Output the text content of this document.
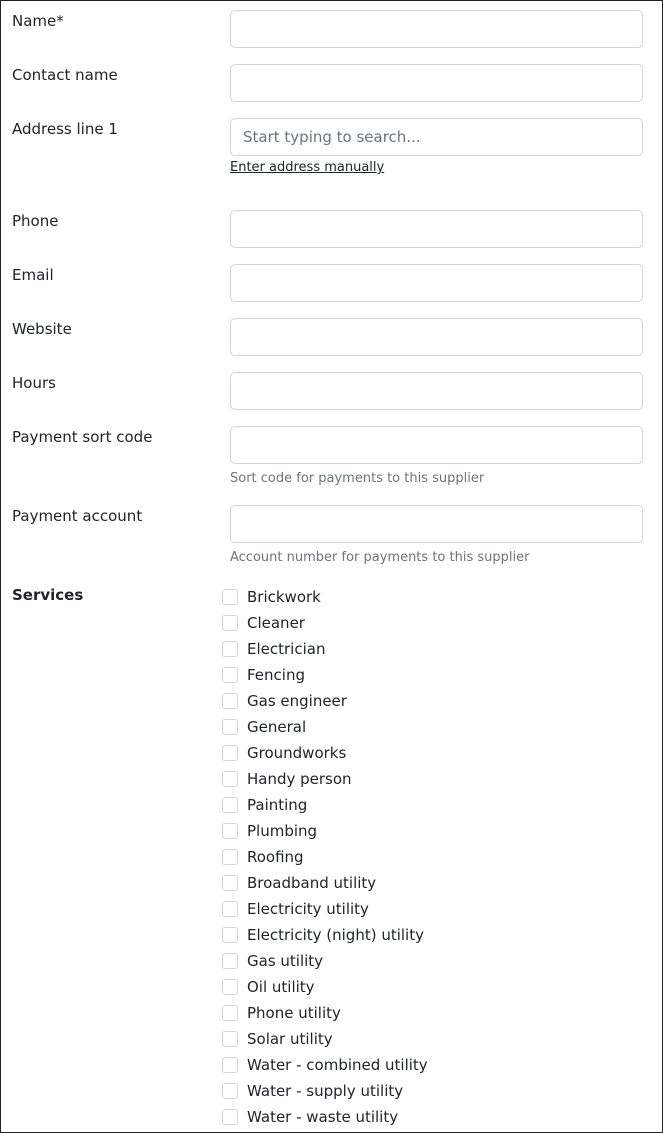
Name*
Contact name
Address line 1
Start typing to search...
Enter address manually
Phone
Email
Website
Hours
Payment sort code
Sort code for payments to this supplier
Payment account
Account number for payments to this supplier
Services	Brickwork
Cleaner
Electrician
Fencing
Gas engineer
General
Groundworks
Handy person
Painting
Plumbing
Roofing
Broadband utility
Electricity utility
Electricity (night) utility
Gas utility
Oil utility
Phone utility
Solar utility
Water - combined utility
Water - supply utility
Water - waste utility
